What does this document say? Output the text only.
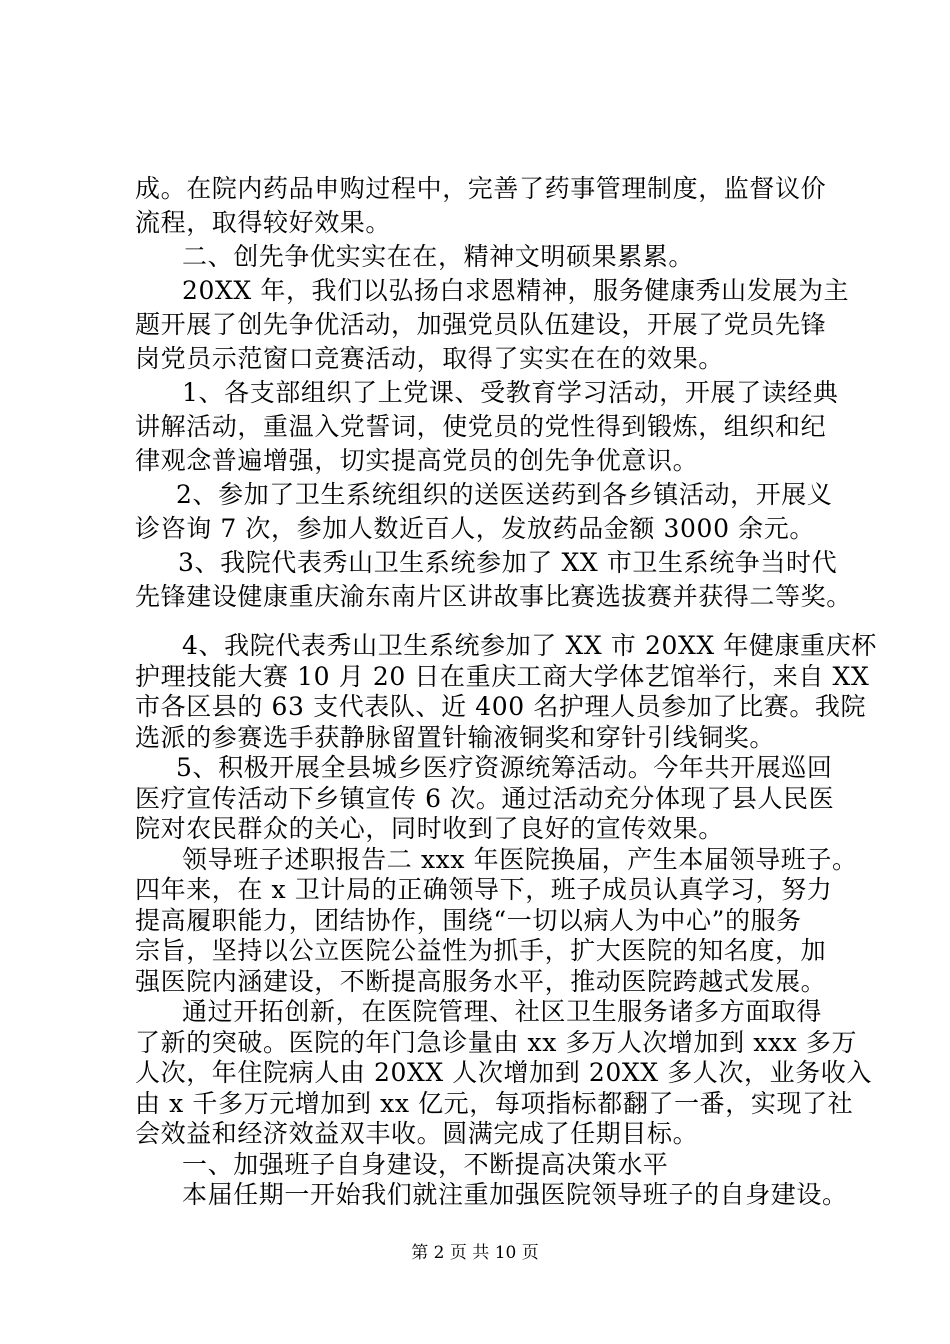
成。在院内药品申购过程中，完善了药事管理制度，监督议价
流程，取得较好效果。
二、创先争优实实在在，精神文明硕果累累。
20XX 年，我们以弘扬白求恩精神，服务健康秀山发展为主
题开展了创先争优活动，加强党员队伍建设，开展了党员先锋
岗党员示范窗口竞赛活动，取得了实实在在的效果。
1、各支部组织了上党课、受教育学习活动，开展了读经典
讲解活动，重温入党誓词，使党员的党性得到锻炼，组织和纪
律观念普遍增强，切实提高党员的创先争优意识。
2、参加了卫生系统组织的送医送药到各乡镇活动，开展义
诊咨询 7 次，参加人数近百人，发放药品金额 3000 余元。
3、我院代表秀山卫生系统参加了 XX 市卫生系统争当时代
先锋建设健康重庆渝东南片区讲故事比赛选拔赛并获得二等奖。
4、我院代表秀山卫生系统参加了 XX 市 20XX 年健康重庆杯
护理技能大赛 10 月 20 日在重庆工商大学体艺馆举行，来自 XX
市各区县的 63 支代表队、近 400 名护理人员参加了比赛。我院
选派的参赛选手获静脉留置针输液铜奖和穿针引线铜奖。
5、积极开展全县城乡医疗资源统筹活动。今年共开展巡回
医疗宣传活动下乡镇宣传 6 次。通过活动充分体现了县人民医
院对农民群众的关心，同时收到了良好的宣传效果。
领导班子述职报告二 xxx 年医院换届，产生本届领导班子。
四年来，在 x 卫计局的正确领导下，班子成员认真学习，努力
提高履职能力，团结协作，围绕“一切以病人为中心”的服务
宗旨，坚持以公立医院公益性为抓手，扩大医院的知名度，加
强医院内涵建设，不断提高服务水平，推动医院跨越式发展。
通过开拓创新，在医院管理、社区卫生服务诸多方面取得
了新的突破。医院的年门急诊量由 xx 多万人次增加到 xxx 多万
人次，年住院病人由 20XX 人次增加到 20XX 多人次，业务收入
由 x 千多万元增加到 xx 亿元，每项指标都翻了一番，实现了社
会效益和经济效益双丰收。圆满完成了任期目标。
一、加强班子自身建设，不断提高决策水平
本届任期一开始我们就注重加强医院领导班子的自身建设。
第 2 页 共 10 页
